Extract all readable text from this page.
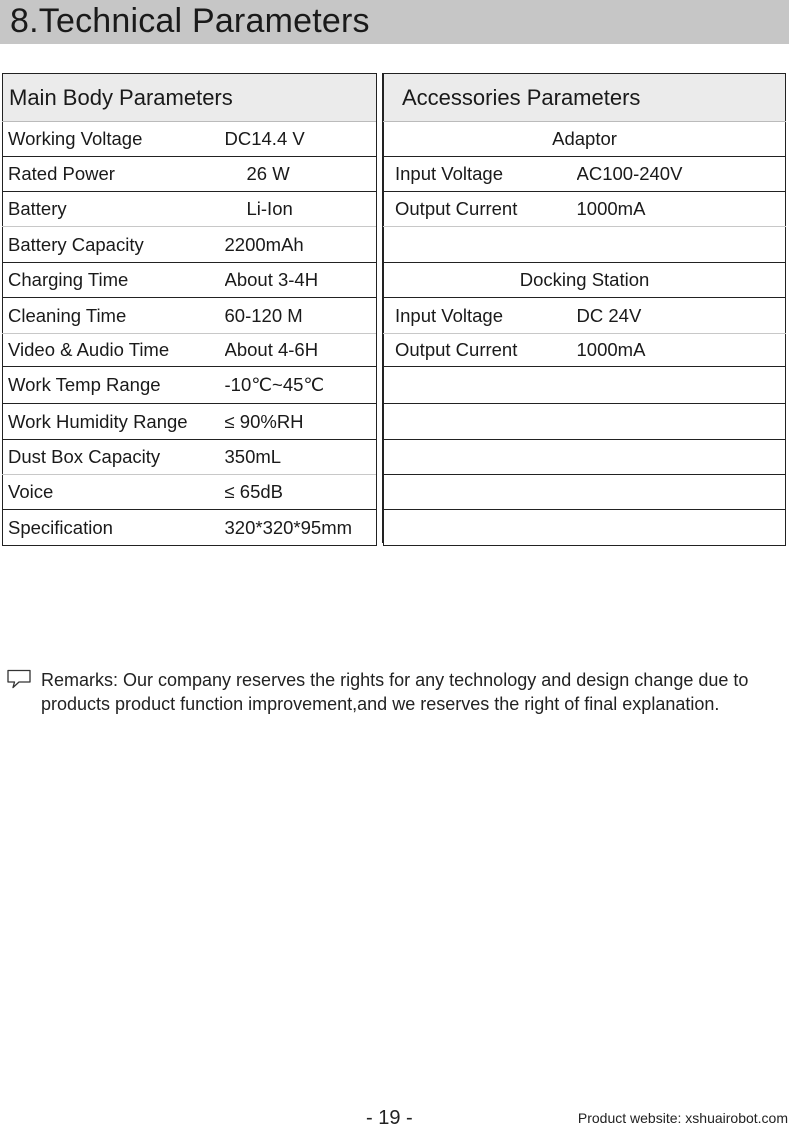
8.Technical Parameters
Main Body Parameters	
Working Voltage	DC14.4 V
Rated Power	26 W
Battery	Li-Ion
Battery Capacity	2200mAh
Charging Time	About 3-4H
Cleaning Time	60-120 M
Video & Audio Time	About 4-6H
Work Temp Range	-10℃~45℃
Work Humidity Range	≤ 90%RH
Dust Box Capacity	350mL
Voice	≤ 65dB
Specification	320*320*95mm
Accessories Parameters	
Adaptor	
Input Voltage	AC100-240V
Output Current	1000mA

Docking Station	
Input Voltage	DC 24V
Output Current	1000mA

Remarks: Our company reserves the rights for any technology and design change due to products product function improvement,and we reserves the right of final explanation.
- 19 -	Product website: xshuairobot.com
